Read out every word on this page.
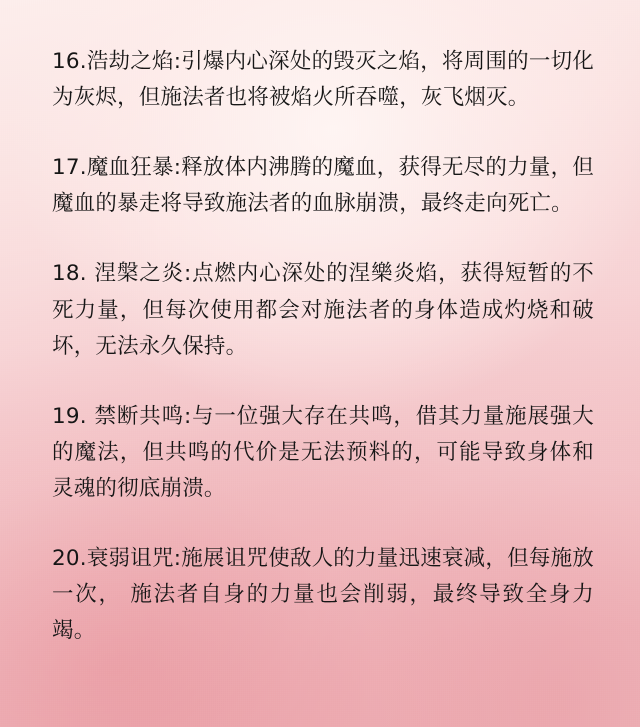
16.浩劫之焰:引爆内心深处的毁灭之焰，将周围的一切化为灰烬，但施法者也将被焰火所吞噬，灰飞烟灭。

17.魔血狂暴:释放体内沸腾的魔血，获得无尽的力量，但魔血的暴走将导致施法者的血脉崩溃，最终走向死亡。

18. 涅槃之炎:点燃内心深处的涅樂炎焰，获得短暂的不死力量，但每次使用都会对施法者的身体造成灼烧和破坏，无法永久保持。

19. 禁断共鸣:与一位强大存在共鸣，借其力量施展强大的魔法，但共鸣的代价是无法预料的，可能导致身体和灵魂的彻底崩溃。

20.衰弱诅咒:施展诅咒使敌人的力量迅速衰减，但每施放一次， 施法者自身的力量也会削弱，最终导致全身力竭。
